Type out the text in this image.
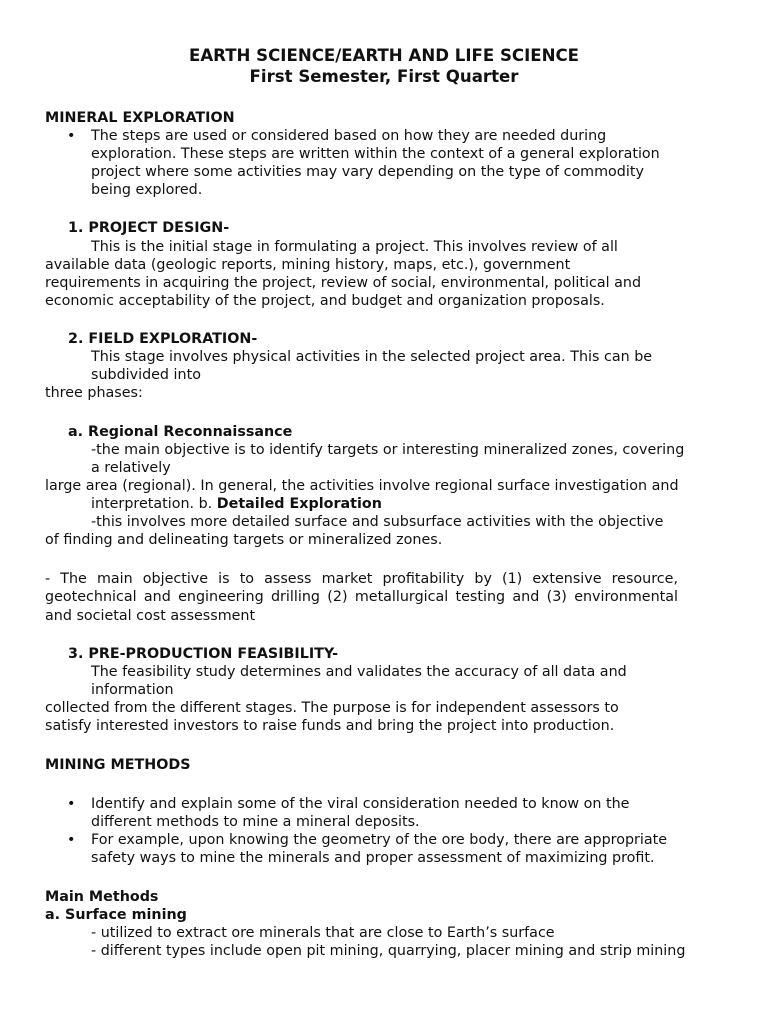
EARTH SCIENCE/EARTH AND LIFE SCIENCE
First Semester, First Quarter
MINERAL EXPLORATION
• The steps are used or considered based on how they are needed during
exploration. These steps are written within the context of a general exploration
project where some activities may vary depending on the type of commodity
being explored.
1. PROJECT DESIGN-
This is the initial stage in formulating a project. This involves review of all
available data (geologic reports, mining history, maps, etc.), government
requirements in acquiring the project, review of social, environmental, political and
economic acceptability of the project, and budget and organization proposals.
2. FIELD EXPLORATION-
This stage involves physical activities in the selected project area. This can be
subdivided into
three phases:
a. Regional Reconnaissance
-the main objective is to identify targets or interesting mineralized zones, covering
a relatively
large area (regional). In general, the activities involve regional surface investigation and
interpretation. b. Detailed Exploration
-this involves more detailed surface and subsurface activities with the objective
of finding and delineating targets or mineralized zones.
- The main objective is to assess market profitability by (1) extensive resource,
geotechnical and engineering drilling (2) metallurgical testing and (3) environmental
and societal cost assessment
3. PRE-PRODUCTION FEASIBILITY-
The feasibility study determines and validates the accuracy of all data and
information
collected from the different stages. The purpose is for independent assessors to
satisfy interested investors to raise funds and bring the project into production.
MINING METHODS
• Identify and explain some of the viral consideration needed to know on the
different methods to mine a mineral deposits.
• For example, upon knowing the geometry of the ore body, there are appropriate
safety ways to mine the minerals and proper assessment of maximizing profit.
Main Methods
a. Surface mining
- utilized to extract ore minerals that are close to Earth’s surface
- different types include open pit mining, quarrying, placer mining and strip mining
